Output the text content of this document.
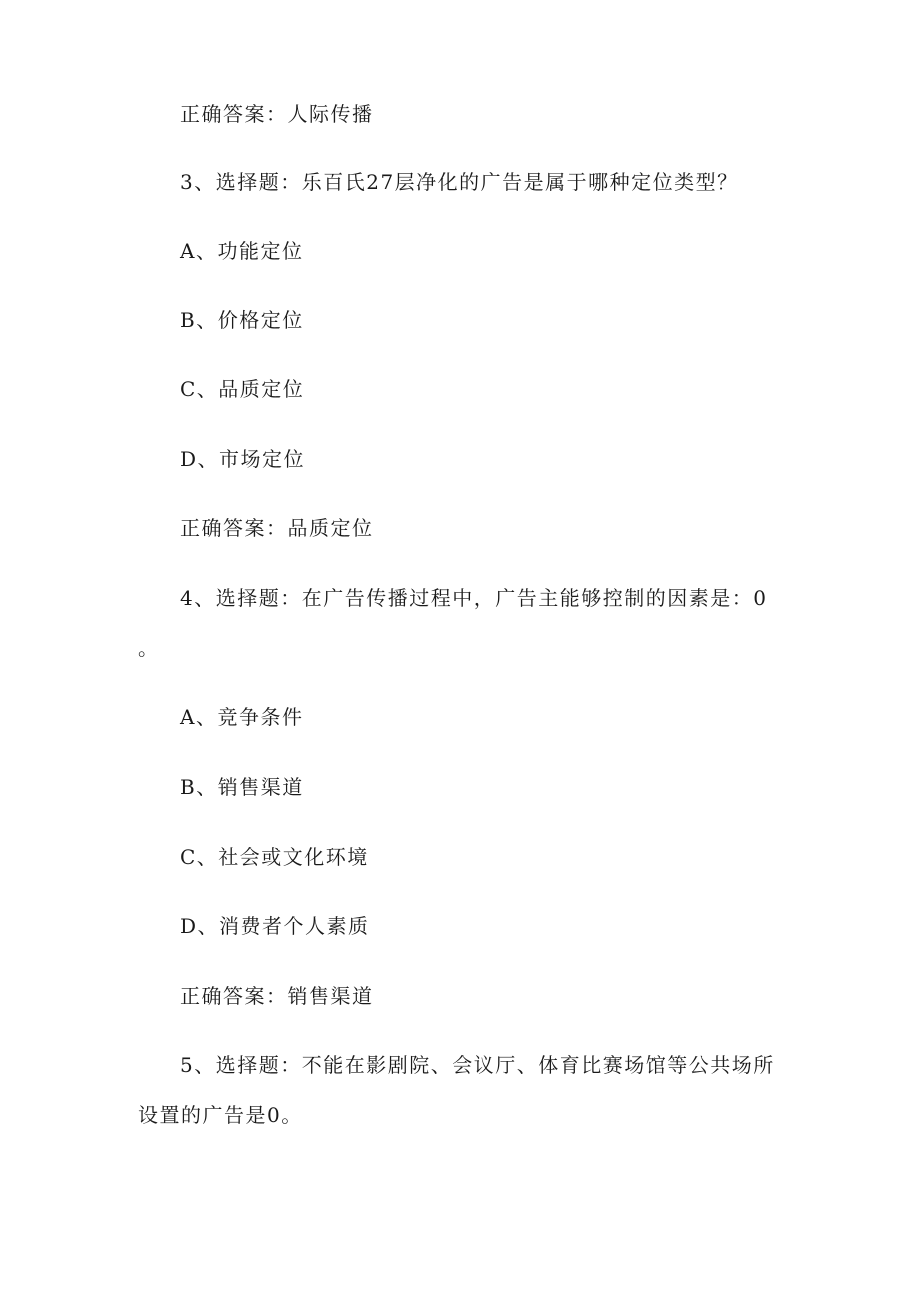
正确答案：人际传播
3、选择题：乐百氏27层净化的广告是属于哪种定位类型？
A、功能定位
B、价格定位
C、品质定位
D、市场定位
正确答案：品质定位
4、选择题：在广告传播过程中，广告主能够控制的因素是：0
。
A、竞争条件
B、销售渠道
C、社会或文化环境
D、消费者个人素质
正确答案：销售渠道
5、选择题：不能在影剧院、会议厅、体育比赛场馆等公共场所
设置的广告是0。
